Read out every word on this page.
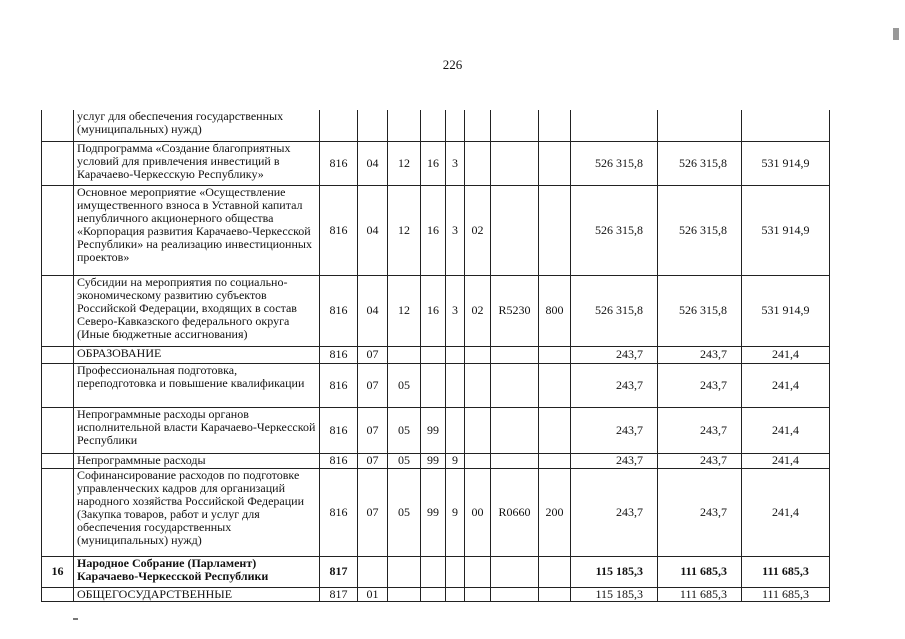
226
	услуг для обеспечения государственных (муниципальных) нужд)											
	Подпрограмма «Создание благоприятных условий для привлечения инвестиций в Карачаево-Черкесскую Республику»	816	04	12	16	3				526 315,8	526 315,8	531 914,9
	Основное мероприятие «Осуществление имущественного взноса в Уставной капитал непубличного акционерного общества «Корпорация развития Карачаево-Черкесской Республики» на реализацию инвестиционных проектов»	816	04	12	16	3	02			526 315,8	526 315,8	531 914,9
	Субсидии на мероприятия по социально-экономическому развитию субъектов Российской Федерации, входящих в состав Северо-Кавказского федерального округа (Иные бюджетные ассигнования)	816	04	12	16	3	02	R5230	800	526 315,8	526 315,8	531 914,9
	ОБРАЗОВАНИЕ	816	07							243,7	243,7	241,4
	Профессиональная подготовка, переподготовка и повышение квалификации	816	07	05						243,7	243,7	241,4
	Непрограммные расходы органов исполнительной власти Карачаево-Черкесской Республики	816	07	05	99					243,7	243,7	241,4
	Непрограммные расходы	816	07	05	99	9				243,7	243,7	241,4
	Софинансирование расходов по подготовке управленческих кадров для организаций народного хозяйства Российской Федерации (Закупка товаров, работ и услуг для обеспечения государственных (муниципальных) нужд)	816	07	05	99	9	00	R0660	200	243,7	243,7	241,4
16	Народное Собрание (Парламент) Карачаево-Черкесской Республики	817								115 185,3	111 685,3	111 685,3
	ОБЩЕГОСУДАРСТВЕННЫЕ	817	01							115 185,3	111 685,3	111 685,3
